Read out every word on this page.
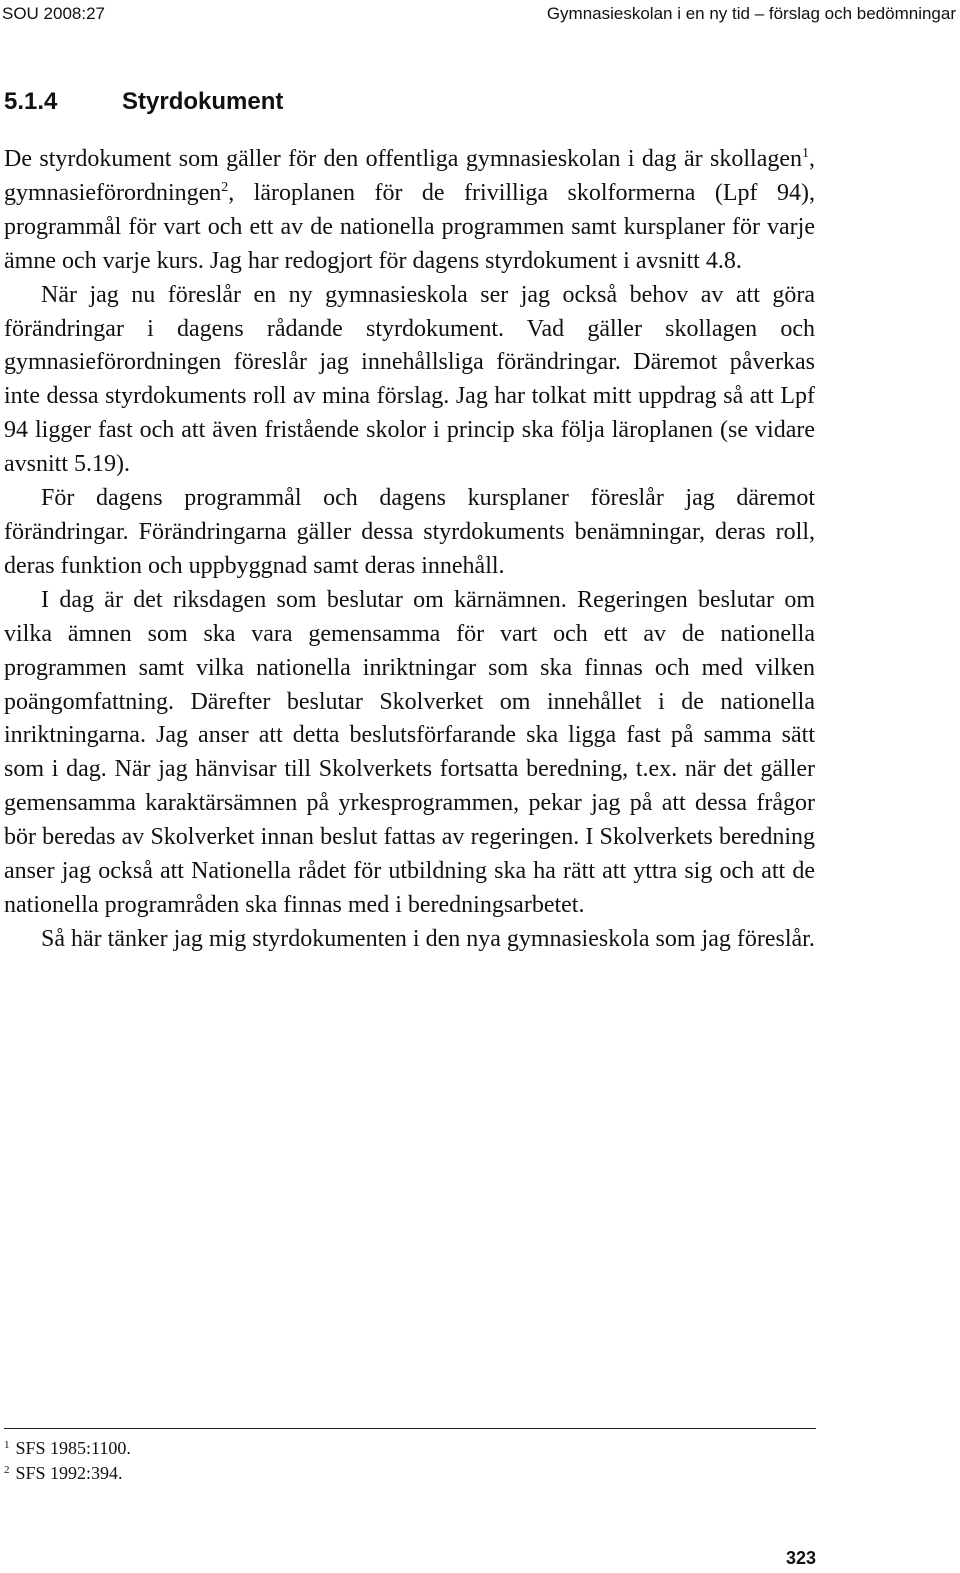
SOU 2008:27	Gymnasieskolan i en ny tid – förslag och bedömningar
5.1.4	Styrdokument

De styrdokument som gäller för den offentliga gymnasieskolan i dag är skollagen$^1$, gymnasieförordningen$^2$, läroplanen för de frivilliga skolformerna (Lpf 94), programmål för vart och ett av de nationella programmen samt kursplaner för varje ämne och varje kurs. Jag har redogjort för dagens styrdokument i avsnitt 4.8.

När jag nu föreslår en ny gymnasieskola ser jag också behov av att göra förändringar i dagens rådande styrdokument. Vad gäller skollagen och gymnasieförordningen föreslår jag innehållsliga förändringar. Däremot påverkas inte dessa styrdokuments roll av mina förslag. Jag har tolkat mitt uppdrag så att Lpf 94 ligger fast och att även fristående skolor i princip ska följa läroplanen (se vidare avsnitt 5.19).

För dagens programmål och dagens kursplaner föreslår jag däremot förändringar. Förändringarna gäller dessa styrdokuments benämningar, deras roll, deras funktion och uppbyggnad samt deras innehåll.

I dag är det riksdagen som beslutar om kärnämnen. Regeringen beslutar om vilka ämnen som ska vara gemensamma för vart och ett av de nationella programmen samt vilka nationella inriktningar som ska finnas och med vilken poängomfattning. Därefter beslutar Skolverket om innehållet i de nationella inriktningarna. Jag anser att detta beslutsförfarande ska ligga fast på samma sätt som i dag. När jag hänvisar till Skolverkets fortsatta beredning, t.ex. när det gäller gemensamma karaktärsämnen på yrkesprogrammen, pekar jag på att dessa frågor bör beredas av Skolverket innan beslut fattas av regeringen. I Skolverkets beredning anser jag också att Nationella rådet för utbildning ska ha rätt att yttra sig och att de nationella programråden ska finnas med i beredningsarbetet.

Så här tänker jag mig styrdokumenten i den nya gymnasieskola som jag föreslår.

$^1$ SFS 1985:1100.
$^2$ SFS 1992:394.
323
